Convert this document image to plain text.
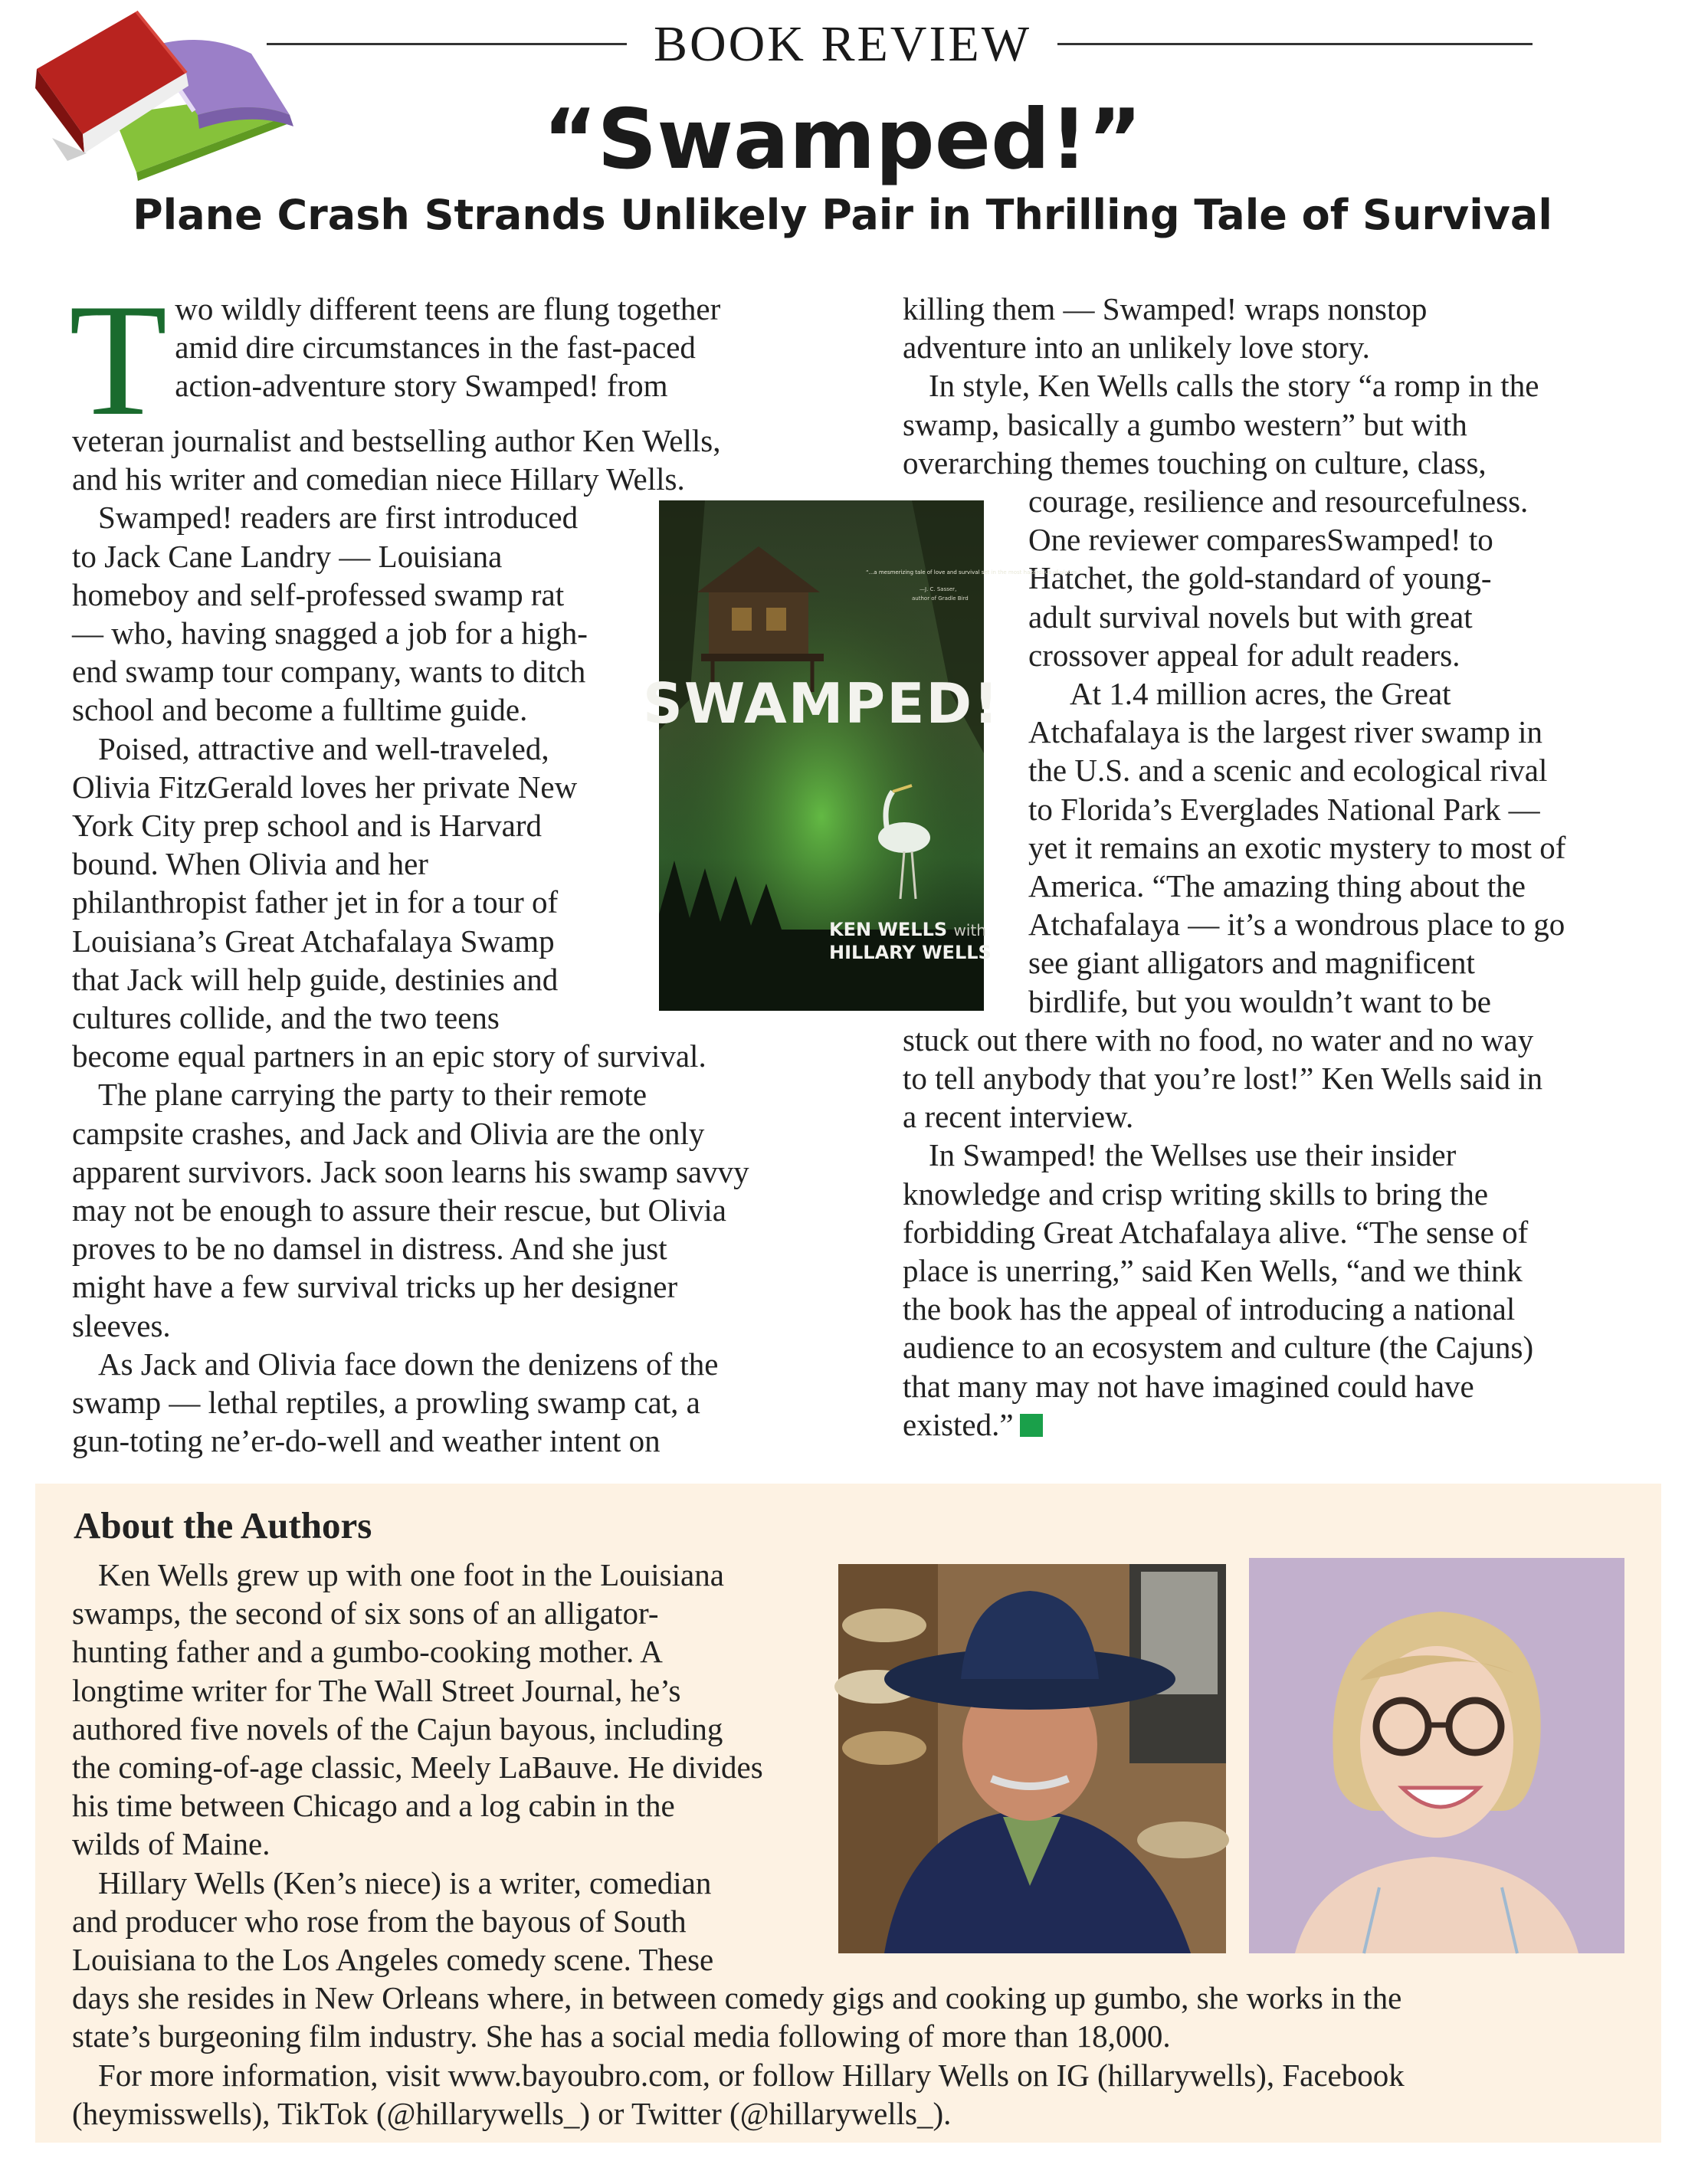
BOOK REVIEW
“Swamped!”
Plane Crash Strands Unlikely Pair in Thrilling Tale of Survival

T wo wildly different teens are flung together
amid dire circumstances in the fast-paced
action-adventure story Swamped! from
veteran journalist and bestselling author Ken Wells,
and his writer and comedian niece Hillary Wells.

Swamped! readers are first introduced
to Jack Cane Landry — Louisiana
homeboy and self-professed swamp rat
— who, having snagged a job for a high-
end swamp tour company, wants to ditch
school and become a fulltime guide.

Poised, attractive and well-traveled,
Olivia FitzGerald loves her private New
York City prep school and is Harvard
bound. When Olivia and her
philanthropist father jet in for a tour of
Louisiana’s Great Atchafalaya Swamp
that Jack will help guide, destinies and
cultures collide, and the two teens
become equal partners in an epic story of survival.

The plane carrying the party to their remote
campsite crashes, and Jack and Olivia are the only
apparent survivors. Jack soon learns his swamp savvy
may not be enough to assure their rescue, but Olivia
proves to be no damsel in distress. And she just
might have a few survival tricks up her designer
sleeves.

As Jack and Olivia face down the denizens of the
swamp — lethal reptiles, a prowling swamp cat, a
gun-toting ne’er-do-well and weather intent on

killing them — Swamped! wraps nonstop
adventure into an unlikely love story.

In style, Ken Wells calls the story “a romp in the
swamp, basically a gumbo western” but with
overarching themes touching on culture, class,
courage, resilience and resourcefulness.
One reviewer comparesSwamped! to
Hatchet, the gold-standard of young-
adult survival novels but with great
crossover appeal for adult readers.

At 1.4 million acres, the Great
Atchafalaya is the largest river swamp in
the U.S. and a scenic and ecological rival
to Florida’s Everglades National Park —
yet it remains an exotic mystery to most of
America. “The amazing thing about the
Atchafalaya — it’s a wondrous place to go
see giant alligators and magnificent
birdlife, but you wouldn’t want to be
stuck out there with no food, no water and no way
to tell anybody that you’re lost!” Ken Wells said in
a recent interview.

In Swamped! the Wellses use their insider
knowledge and crisp writing skills to bring the
forbidding Great Atchafalaya alive. “The sense of
place is unerring,” said Ken Wells, “and we think
the book has the appeal of introducing a national
audience to an ecosystem and culture (the Cajuns)
that many may not have imagined could have
existed.”

“...a mesmerizing tale of love and survival set in the most hazardous of places.”
—J. C. Sasser,
author of Gradle Bird
SWAMPED!
KEN WELLS with
HILLARY WELLS
About the Authors

Ken Wells grew up with one foot in the Louisiana
swamps, the second of six sons of an alligator-
hunting father and a gumbo-cooking mother. A
longtime writer for The Wall Street Journal, he’s
authored five novels of the Cajun bayous, including
the coming-of-age classic, Meely LaBauve. He divides
his time between Chicago and a log cabin in the
wilds of Maine.

Hillary Wells (Ken’s niece) is a writer, comedian
and producer who rose from the bayous of South
Louisiana to the Los Angeles comedy scene. These
days she resides in New Orleans where, in between comedy gigs and cooking up gumbo, she works in the
state’s burgeoning film industry. She has a social media following of more than 18,000.

For more information, visit www.bayoubro.com, or follow Hillary Wells on IG (hillarywells), Facebook
(heymisswells), TikTok (@hillarywells_) or Twitter (@hillarywells_).
